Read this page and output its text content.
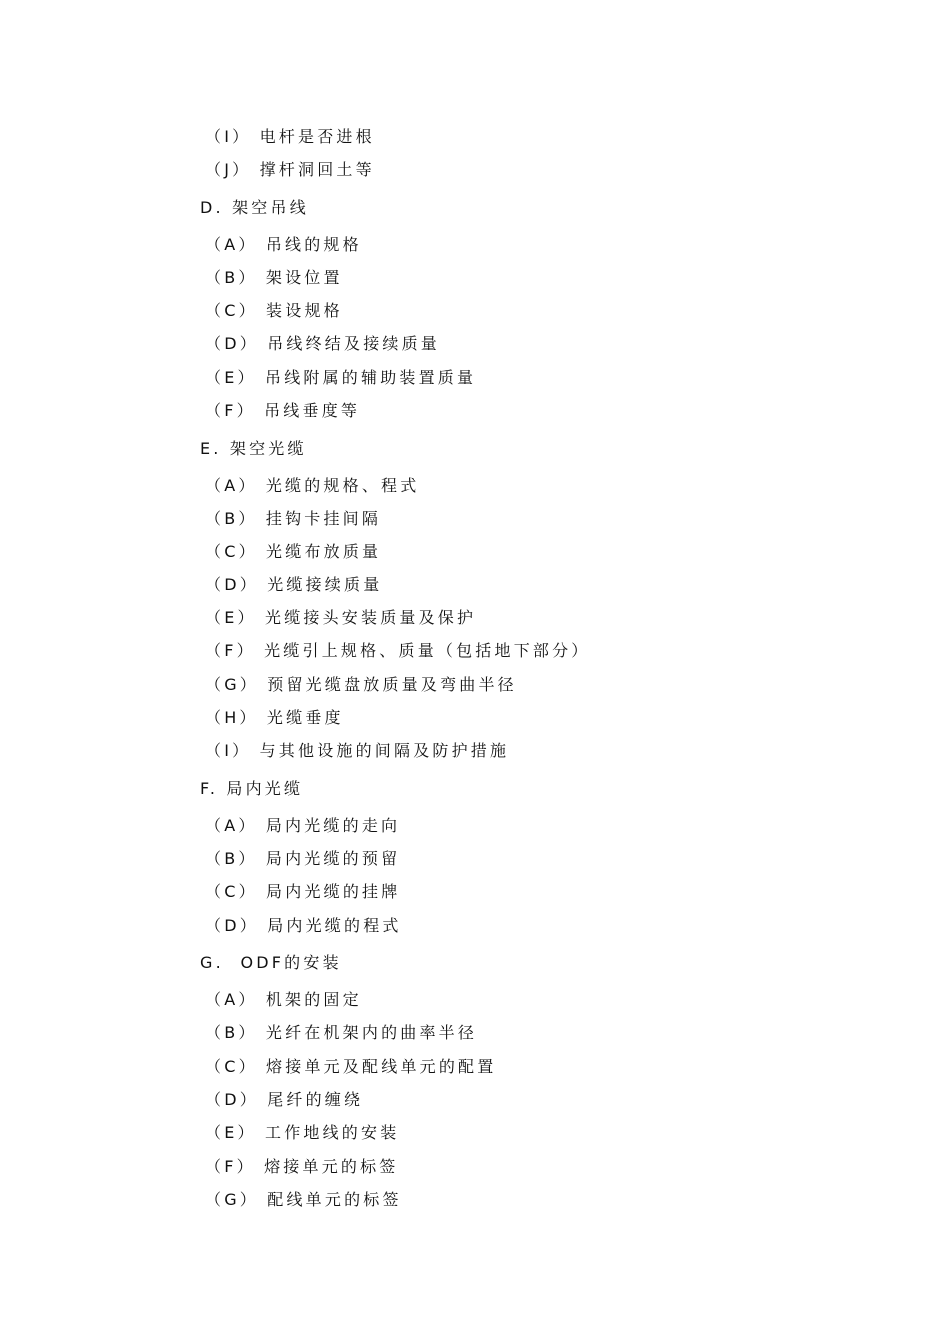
（I） 电杆是否进根
（J） 撑杆洞回土等
D. 架空吊线
（A） 吊线的规格
（B） 架设位置
（C） 装设规格
（D） 吊线终结及接续质量
（E） 吊线附属的辅助装置质量
（F） 吊线垂度等
E. 架空光缆
（A） 光缆的规格、程式
（B） 挂钩卡挂间隔
（C） 光缆布放质量
（D） 光缆接续质量
（E） 光缆接头安装质量及保护
（F） 光缆引上规格、质量（包括地下部分）
（G） 预留光缆盘放质量及弯曲半径
（H） 光缆垂度
（I） 与其他设施的间隔及防护措施
F. 局内光缆
（A） 局内光缆的走向
（B） 局内光缆的预留
（C） 局内光缆的挂牌
（D） 局内光缆的程式
G.  ODF的安装
（A） 机架的固定
（B） 光纤在机架内的曲率半径
（C） 熔接单元及配线单元的配置
（D） 尾纤的缠绕
（E） 工作地线的安装
（F） 熔接单元的标签
（G） 配线单元的标签
